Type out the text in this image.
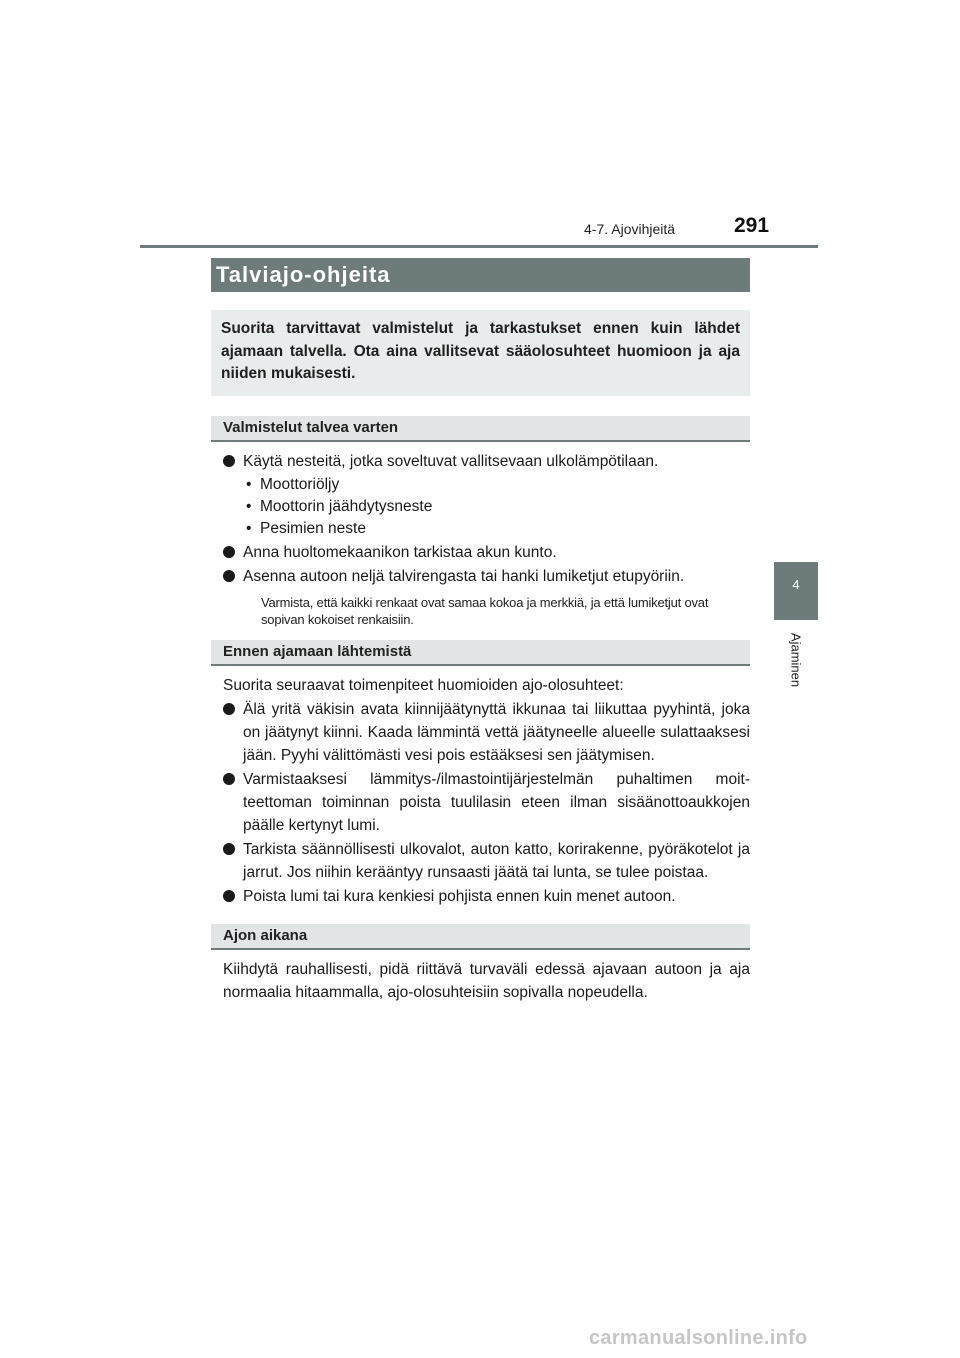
4-7. Ajovihjeitä	291
4
Ajaminen
Talviajo-ohjeita
Suorita tarvittavat valmistelut ja tarkastukset ennen kuin lähdet ajamaan talvella. Ota aina vallitsevat sääolosuhteet huomioon ja aja niiden mukaisesti.
Valmistelut talvea varten
Käytä nesteitä, jotka soveltuvat vallitsevaan ulkolämpötilaan.
• Moottoriöljy
• Moottorin jäähdytysneste
• Pesimien neste
Anna huoltomekaanikon tarkistaa akun kunto.
Asenna autoon neljä talvirengasta tai hanki lumiketjut etupyöriin.
Varmista, että kaikki renkaat ovat samaa kokoa ja merkkiä, ja että lumiketjut ovat sopivan kokoiset renkaisiin.
Ennen ajamaan lähtemistä
Suorita seuraavat toimenpiteet huomioiden ajo-olosuhteet:
Älä yritä väkisin avata kiinnijäätynyttä ikkunaa tai liikuttaa pyyhintä, joka on jäätynyt kiinni. Kaada lämmintä vettä jäätyneelle alueelle sulattaaksesi jään. Pyyhi välittömästi vesi pois estääksesi sen jäätymisen.
Varmistaaksesi lämmitys-/ilmastointijärjestelmän puhaltimen moitteettoman toiminnan poista tuulilasin eteen ilman sisäänottoaukkojen päälle kertynyt lumi.
Tarkista säännöllisesti ulkovalot, auton katto, korirakenne, pyöräkotelot ja jarrut. Jos niihin kerääntyy runsaasti jäätä tai lunta, se tulee poistaa.
Poista lumi tai kura kenkiesi pohjista ennen kuin menet autoon.
Ajon aikana
Kiihdytä rauhallisesti, pidä riittävä turvaväli edessä ajavaan autoon ja aja normaalia hitaammalla, ajo-olosuhteisiin sopivalla nopeudella.
carmanualsonline.info
